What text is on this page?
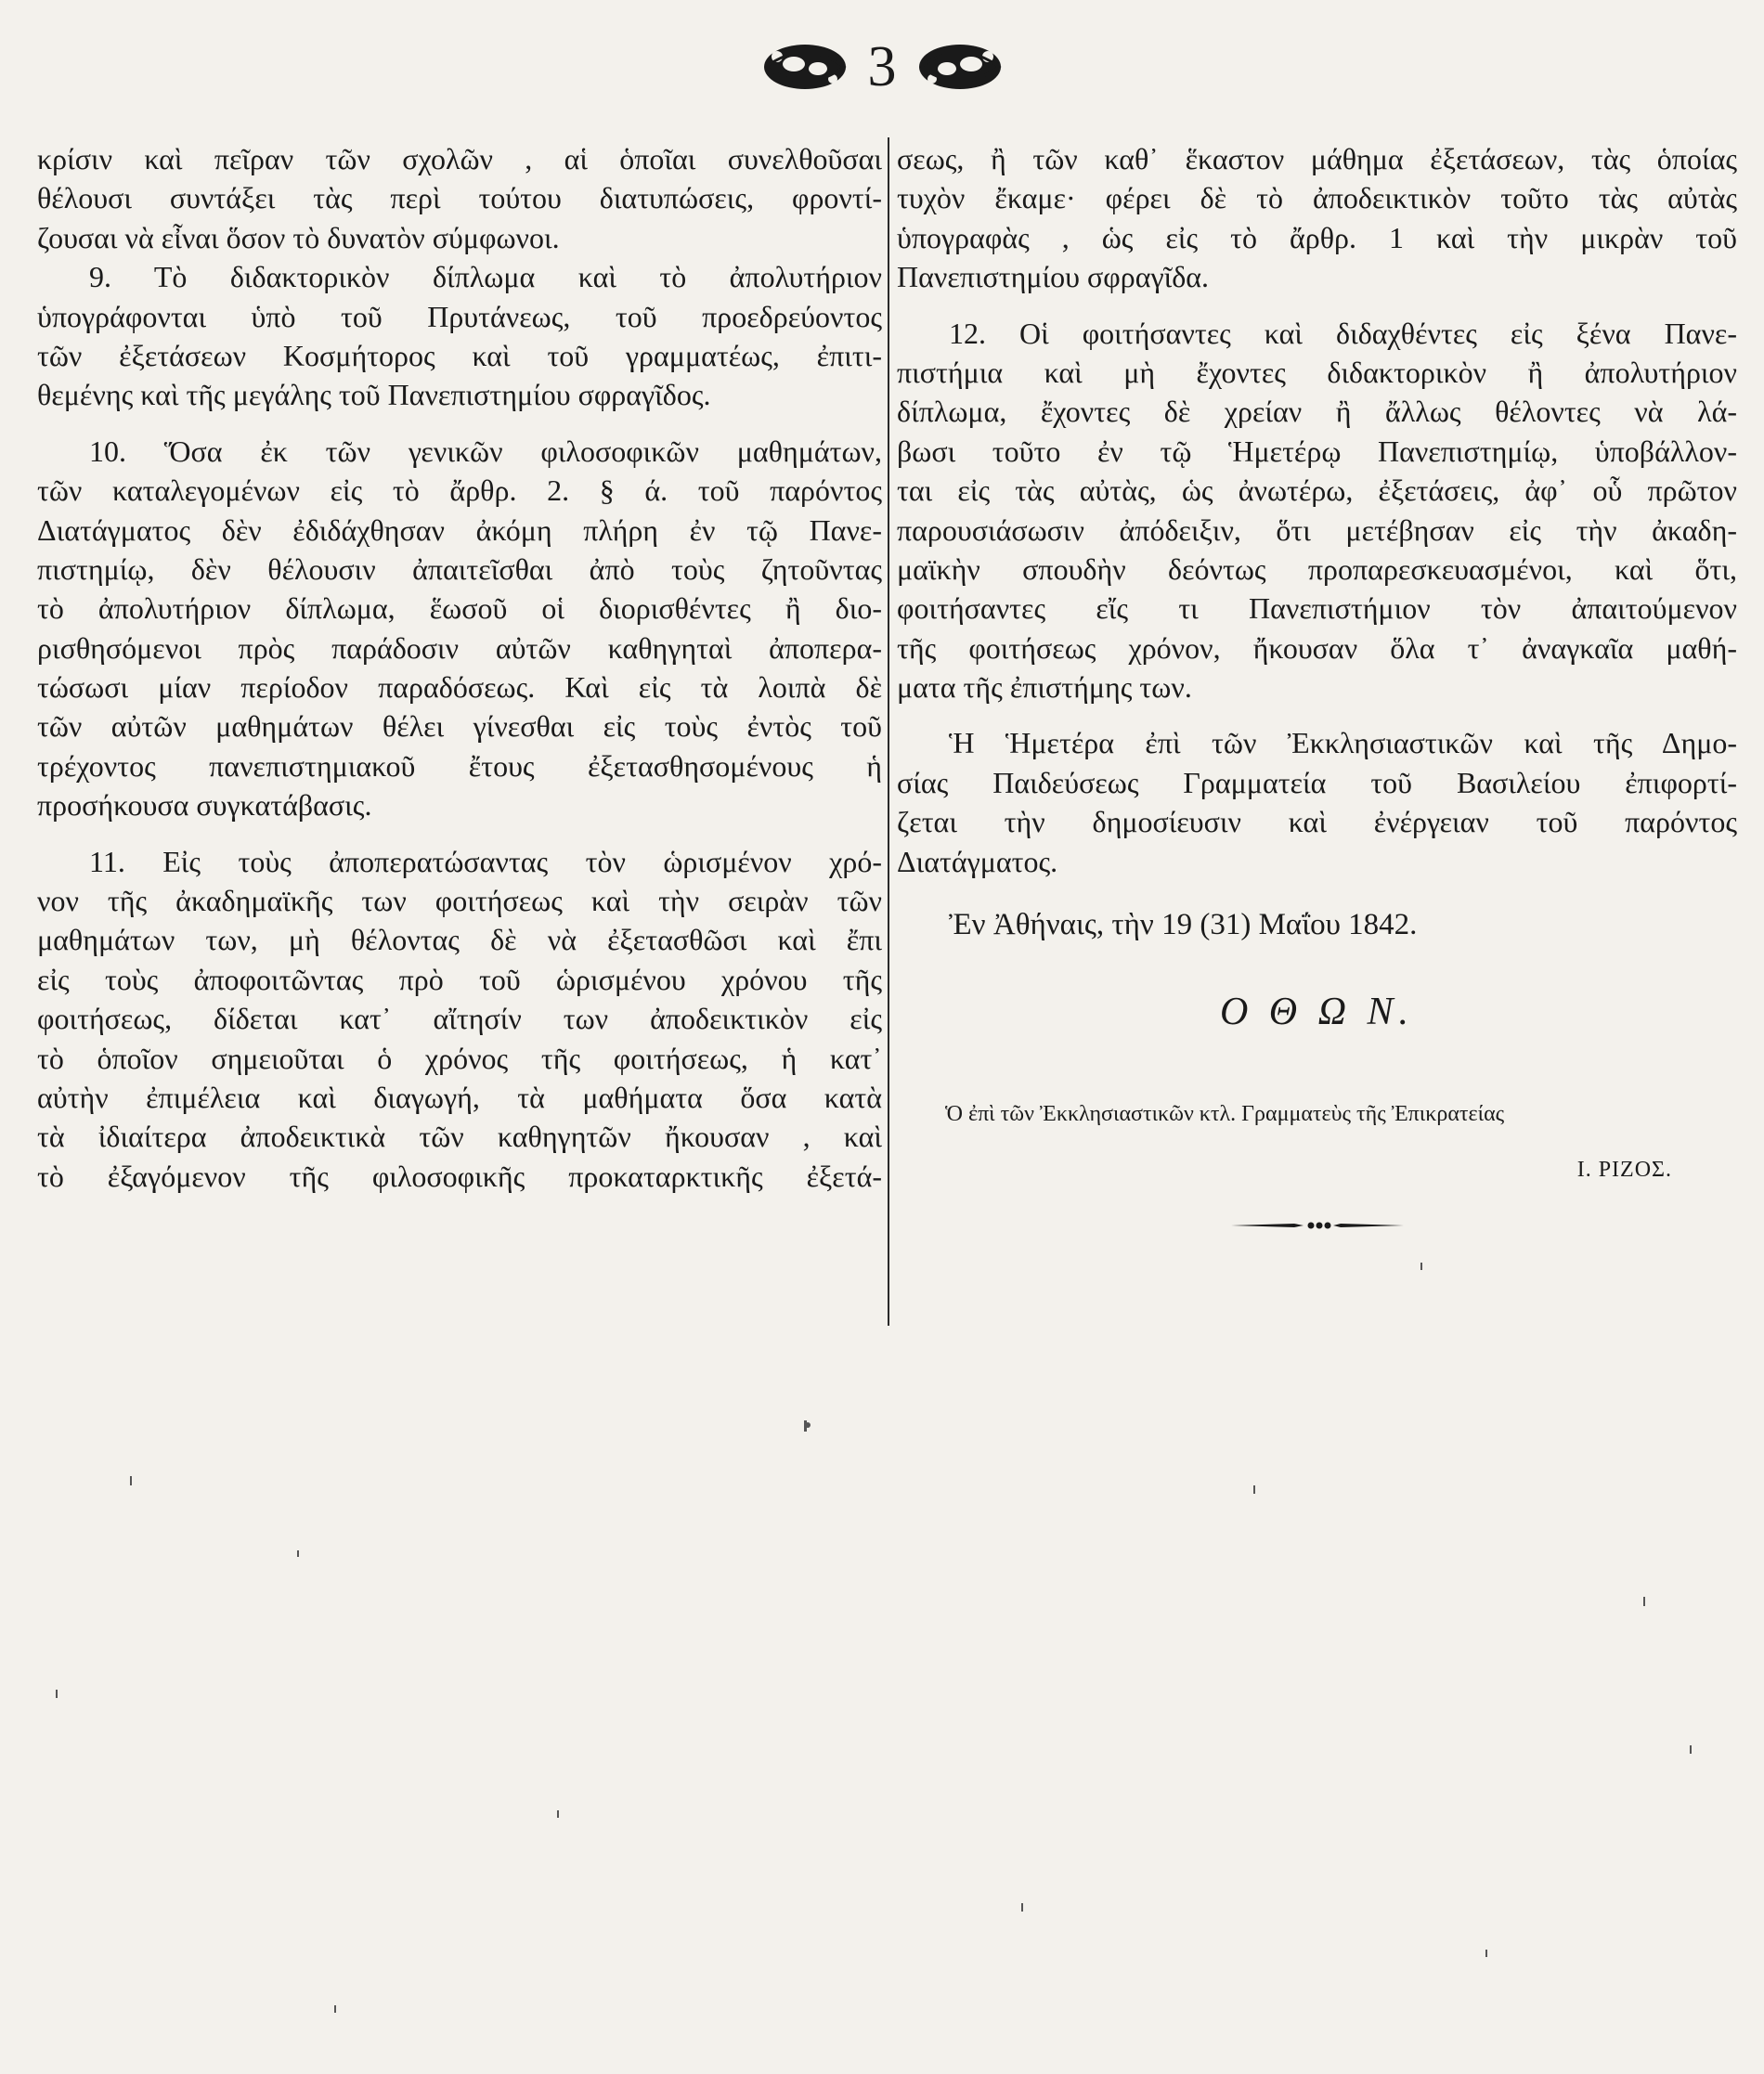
3
κρίσιν καὶ πεῖραν τῶν σχολῶν , αἱ ὁποῖαι συνελθοῦσαι
θέλουσι συντάξει τὰς περὶ τούτου διατυπώσεις, φροντί-
ζουσαι νὰ εἶναι ὅσον τὸ δυνατὸν σύμφωνοι.
9. Τὸ διδακτορικὸν δίπλωμα καὶ τὸ ἀπολυτήριον
ὑπογράφονται ὑπὸ τοῦ Πρυτάνεως, τοῦ προεδρεύοντος
τῶν ἐξετάσεων Κοσμήτορος καὶ τοῦ γραμματέως, ἐπιτι-
θεμένης καὶ τῆς μεγάλης τοῦ Πανεπιστημίου σφραγῖδος.
10. Ὅσα ἐκ τῶν γενικῶν φιλοσοφικῶν μαθημάτων,
τῶν καταλεγομένων εἰς τὸ ἄρθρ. 2. § ά. τοῦ παρόντος
Διατάγματος δὲν ἐδιδάχθησαν ἀκόμη πλήρη ἐν τῷ Πανε-
πιστημίῳ, δὲν θέλουσιν ἀπαιτεῖσθαι ἀπὸ τοὺς ζητοῦντας
τὸ ἀπολυτήριον δίπλωμα, ἕωσοῦ οἱ διορισθέντες ἢ διο-
ρισθησόμενοι πρὸς παράδοσιν αὐτῶν καθηγηταὶ ἀποπερα-
τώσωσι μίαν περίοδον παραδόσεως. Καὶ εἰς τὰ λοιπὰ δὲ
τῶν αὐτῶν μαθημάτων θέλει γίνεσθαι εἰς τοὺς ἐντὸς τοῦ
τρέχοντος πανεπιστημιακοῦ ἔτους ἐξετασθησομένους ἡ
προσήκουσα συγκατάβασις.
11. Εἰς τοὺς ἀποπερατώσαντας τὸν ὡρισμένον χρό-
νον τῆς ἀκαδημαϊκῆς των φοιτήσεως καὶ τὴν σειρὰν τῶν
μαθημάτων των, μὴ θέλοντας δὲ νὰ ἐξετασθῶσι καὶ ἔπι
εἰς τοὺς ἀποφοιτῶντας πρὸ τοῦ ὡρισμένου χρόνου τῆς
φοιτήσεως, δίδεται κατ᾽ αἴτησίν των ἀποδεικτικὸν εἰς
τὸ ὁποῖον σημειοῦται ὁ χρόνος τῆς φοιτήσεως, ἡ κατ᾽
αὐτὴν ἐπιμέλεια καὶ διαγωγή, τὰ μαθήματα ὅσα κατὰ
τὰ ἰδιαίτερα ἀποδεικτικὰ τῶν καθηγητῶν ἤκουσαν , καὶ
τὸ ἐξαγόμενον τῆς φιλοσοφικῆς προκαταρκτικῆς ἐξετά-
σεως, ἢ τῶν καθ᾽ ἕκαστον μάθημα ἐξετάσεων, τὰς ὁποίας
τυχὸν ἔκαμε· φέρει δὲ τὸ ἀποδεικτικὸν τοῦτο τὰς αὐτὰς
ὑπογραφὰς , ὡς εἰς τὸ ἄρθρ. 1 καὶ τὴν μικρὰν τοῦ
Πανεπιστημίου σφραγῖδα.
12. Οἱ φοιτήσαντες καὶ διδαχθέντες εἰς ξένα Πανε-
πιστήμια καὶ μὴ ἔχοντες διδακτορικὸν ἢ ἀπολυτήριον
δίπλωμα, ἔχοντες δὲ χρείαν ἢ ἄλλως θέλοντες νὰ λά-
βωσι τοῦτο ἐν τῷ Ἡμετέρῳ Πανεπιστημίῳ, ὑποβάλλον-
ται εἰς τὰς αὐτὰς, ὡς ἀνωτέρω, ἐξετάσεις, ἀφ᾽ οὗ πρῶτον
παρουσιάσωσιν ἀπόδειξιν, ὅτι μετέβησαν εἰς τὴν ἀκαδη-
μαϊκὴν σπουδὴν δεόντως προπαρεσκευασμένοι, καὶ ὅτι,
φοιτήσαντες εἴς τι Πανεπιστήμιον τὸν ἀπαιτούμενον
τῆς φοιτήσεως χρόνον, ἤκουσαν ὅλα τ᾽ ἀναγκαῖα μαθή-
ματα τῆς ἐπιστήμης των.
Ἡ Ἡμετέρα ἐπὶ τῶν Ἐκκλησιαστικῶν καὶ τῆς Δημο-
σίας Παιδεύσεως Γραμματεία τοῦ Βασιλείου ἐπιφορτί-
ζεται τὴν δημοσίευσιν καὶ ἐνέργειαν τοῦ παρόντος
Διατάγματος.
Ἐν Ἀθήναις, τὴν 19 (31) Μαΐου 1842.
Ο Θ Ω Ν.
Ὁ ἐπὶ τῶν Ἐκκλησιαστικῶν κτλ. Γραμματεὺς τῆς Ἐπικρατείας
Ι. ΡΙΖΟΣ.
